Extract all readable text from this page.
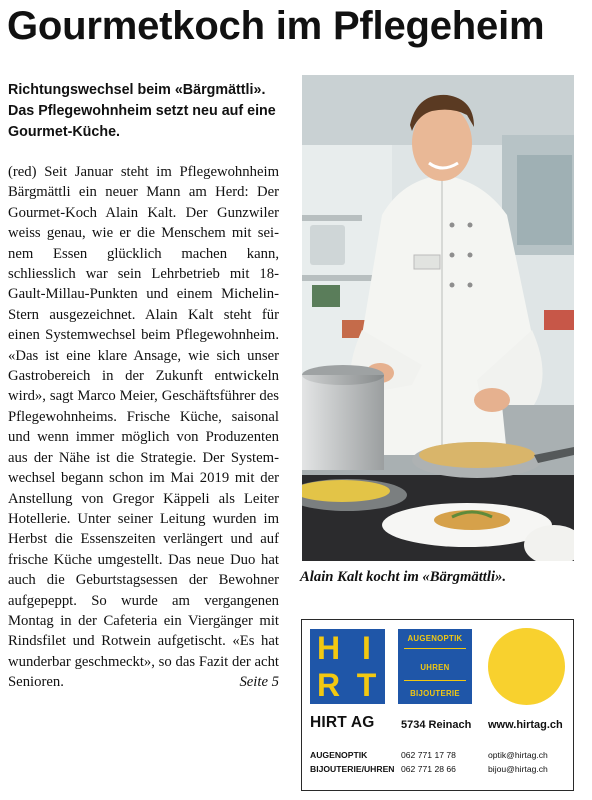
Gourmetkoch im Pflegeheim

Richtungswechsel beim «Bärgmättli». Das Pflegewohnheim setzt neu auf eine Gourmet-Küche.

(red) Seit Januar steht im Pflegewohnheim Bärgmättli ein neuer Mann am Herd: Der Gourmet-Koch Alain Kalt. Der Gunzwiler weiss genau, wie er die Menschem mit seinem Essen glücklich machen kann, schliesslich war sein Lehrbetrieb mit 18-Gault-Millau-Punkten und einem Michelin-Stern ausgezeichnet. Alain Kalt steht für einen Systemwechsel beim Pflegewohnheim. «Das ist eine klare Ansage, wie sich unser Gastrobereich in der Zukunft entwickeln wird», sagt Marco Meier, Geschäftsführer des Pflegewohnheims. Frische Küche, saisonal und wenn immer möglich von Produzenten aus der Nähe ist die Strategie. Der Systemwechsel begann schon im Mai 2019 mit der Anstellung von Gregor Käppeli als Leiter Hotellerie. Unter seiner Leitung wurden im Herbst die Essenszeiten verlängert und auf frische Küche umgestellt. Das neue Duo hat auch die Geburtstagsessen der Bewohner aufgepeppt. So wurde am vergangenen Montag in der Cafeteria ein Viergänger mit Rindsfilet und Rotwein aufgetischt. «Es hat wunderbar geschmeckt», so das Fazit der acht Senioren.	Seite 5

Alain Kalt kocht im «Bärgmättli».

H I
R T
AUGENOPTIK
UHREN
BIJOUTERIE
HIRT AG 5734 Reinach www.hirtag.ch
AUGENOPTIK	062 771 17 78	optik@hirtag.ch
BIJOUTERIE/UHREN 062 771 28 66	bijou@hirtag.ch
